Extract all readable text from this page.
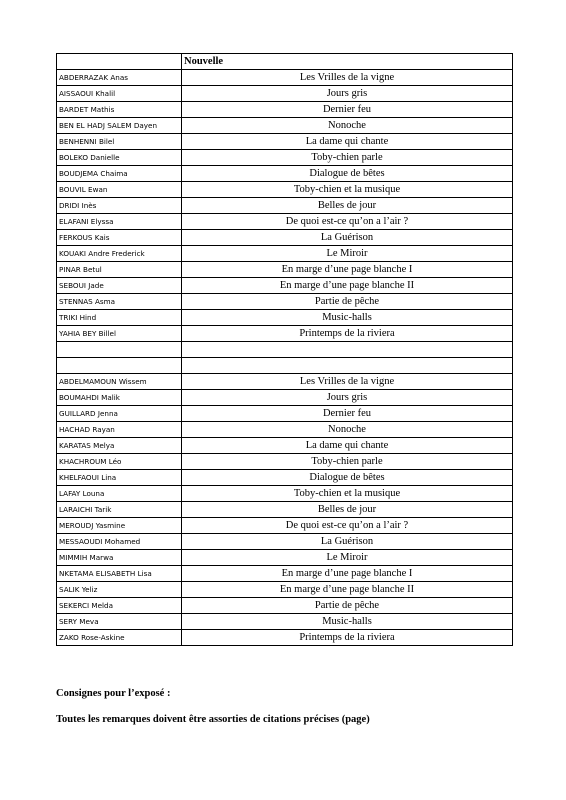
	Nouvelle
ABDERRAZAK Anas	Les Vrilles de la vigne
AISSAOUI Khalil	Jours gris
BARDET Mathis	Dernier feu
BEN EL HADJ SALEM Dayen	Nonoche
BENHENNI Bilel	La dame qui chante
BOLEKO Danielle	Toby-chien parle
BOUDJEMA Chaima	Dialogue de bêtes
BOUVIL Ewan	Toby-chien et la musique
DRIDI Inès	Belles de jour
ELAFANI Elyssa	De quoi est-ce qu’on a l’air ?
FERKOUS Kais	La Guérison
KOUAKI Andre Frederick	Le Miroir
PINAR Betul	En marge d’une page blanche I
SEBOUI Jade	En marge d’une page blanche II
STENNAS Asma	Partie de pêche
TRIKI Hind	Music-halls
YAHIA BEY Billel	Printemps de la riviera

ABDELMAMOUN Wissem	Les Vrilles de la vigne
BOUMAHDI Malik	Jours gris
GUILLARD Jenna	Dernier feu
HACHAD Rayan	Nonoche
KARATAS Melya	La dame qui chante
KHACHROUM Léo	Toby-chien parle
KHELFAOUI Lina	Dialogue de bêtes
LAFAY Louna	Toby-chien et la musique
LARAICHI Tarik	Belles de jour
MEROUDJ Yasmine	De quoi est-ce qu’on a l’air ?
MESSAOUDI Mohamed	La Guérison
MIMMIH Marwa	Le Miroir
NKETAMA ELISABETH Lisa	En marge d’une page blanche I
SALIK Yeliz	En marge d’une page blanche II
SEKERCI Melda	Partie de pêche
SERY Meva	Music-halls
ZAKO Rose-Askine	Printemps de la riviera
Consignes pour l’exposé :
Toutes les remarques doivent être assorties de citations précises (page)
